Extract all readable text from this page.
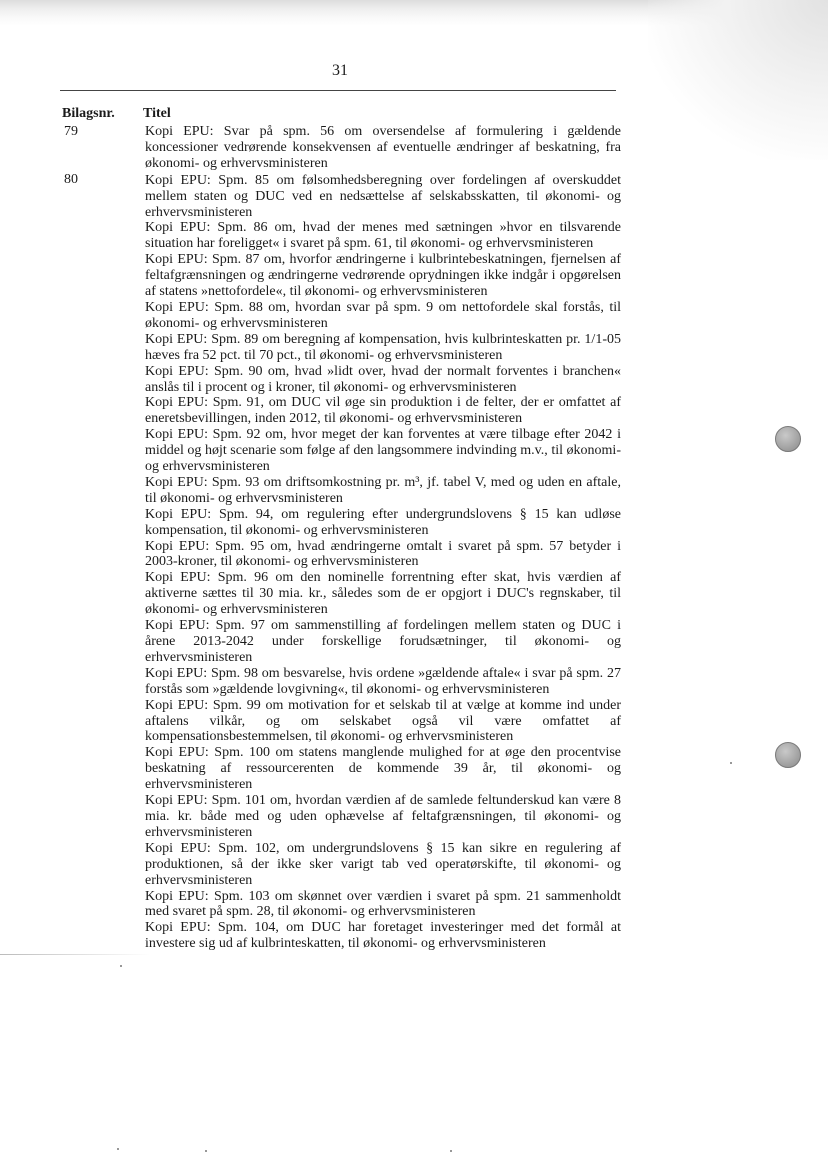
31
Bilagsnr. Titel
79
80

Kopi EPU: Svar på spm. 56 om oversendelse af formulering i gældende koncessioner vedrørende konsekvensen af eventuelle ændringer af beskatning, fra økonomi- og erhvervsministeren

Kopi EPU: Spm. 85 om følsomhedsberegning over fordelingen af overskuddet mellem staten og DUC ved en nedsættelse af selskabsskatten, til økonomi- og erhvervsministeren

Kopi EPU: Spm. 86 om, hvad der menes med sætningen »hvor en tilsvarende situation har foreligget« i svaret på spm. 61, til økonomi- og erhvervsministeren

Kopi EPU: Spm. 87 om, hvorfor ændringerne i kulbrintebeskatningen, fjernelsen af feltafgrænsningen og ændringerne vedrørende oprydningen ikke indgår i opgørelsen af statens »nettofordele«, til økonomi- og erhvervsministeren

Kopi EPU: Spm. 88 om, hvordan svar på spm. 9 om nettofordele skal forstås, til økonomi- og erhvervsministeren

Kopi EPU: Spm. 89 om beregning af kompensation, hvis kulbrinteskatten pr. 1/1-05 hæves fra 52 pct. til 70 pct., til økonomi- og erhvervsministeren

Kopi EPU: Spm. 90 om, hvad »lidt over, hvad der normalt forventes i branchen« anslås til i procent og i kroner, til økonomi- og erhvervsministeren

Kopi EPU: Spm. 91, om DUC vil øge sin produktion i de felter, der er omfattet af eneretsbevillingen, inden 2012, til økonomi- og erhvervsministeren

Kopi EPU: Spm. 92 om, hvor meget der kan forventes at være tilbage efter 2042 i middel og højt scenarie som følge af den langsommere indvinding m.v., til økonomi- og erhvervsministeren

Kopi EPU: Spm. 93 om driftsomkostning pr. m³, jf. tabel V, med og uden en aftale, til økonomi- og erhvervsministeren

Kopi EPU: Spm. 94, om regulering efter undergrundslovens § 15 kan udløse kompensation, til økonomi- og erhvervsministeren

Kopi EPU: Spm. 95 om, hvad ændringerne omtalt i svaret på spm. 57 betyder i 2003-kroner, til økonomi- og erhvervsministeren

Kopi EPU: Spm. 96 om den nominelle forrentning efter skat, hvis værdien af aktiverne sættes til 30 mia. kr., således som de er opgjort i DUC's regnskaber, til økonomi- og erhvervsministeren

Kopi EPU: Spm. 97 om sammenstilling af fordelingen mellem staten og DUC i årene 2013-2042 under forskellige forudsætninger, til økonomi- og erhvervsministeren

Kopi EPU: Spm. 98 om besvarelse, hvis ordene »gældende aftale« i svar på spm. 27 forstås som »gældende lovgivning«, til økonomi- og erhvervsministeren

Kopi EPU: Spm. 99 om motivation for et selskab til at vælge at komme ind under aftalens vilkår, og om selskabet også vil være omfattet af kompensationsbestemmelsen, til økonomi- og erhvervsministeren

Kopi EPU: Spm. 100 om statens manglende mulighed for at øge den procentvise beskatning af ressourcerenten de kommende 39 år, til økonomi- og erhvervsministeren

Kopi EPU: Spm. 101 om, hvordan værdien af de samlede feltunderskud kan være 8 mia. kr. både med og uden ophævelse af feltafgrænsningen, til økonomi- og erhvervsministeren

Kopi EPU: Spm. 102, om undergrundslovens § 15 kan sikre en regulering af produktionen, så der ikke sker varigt tab ved operatørskifte, til økonomi- og erhvervsministeren

Kopi EPU: Spm. 103 om skønnet over værdien i svaret på spm. 21 sammenholdt med svaret på spm. 28, til økonomi- og erhvervsministeren

Kopi EPU: Spm. 104, om DUC har foretaget investeringer med det formål at investere sig ud af kulbrinteskatten, til økonomi- og erhvervsministeren
